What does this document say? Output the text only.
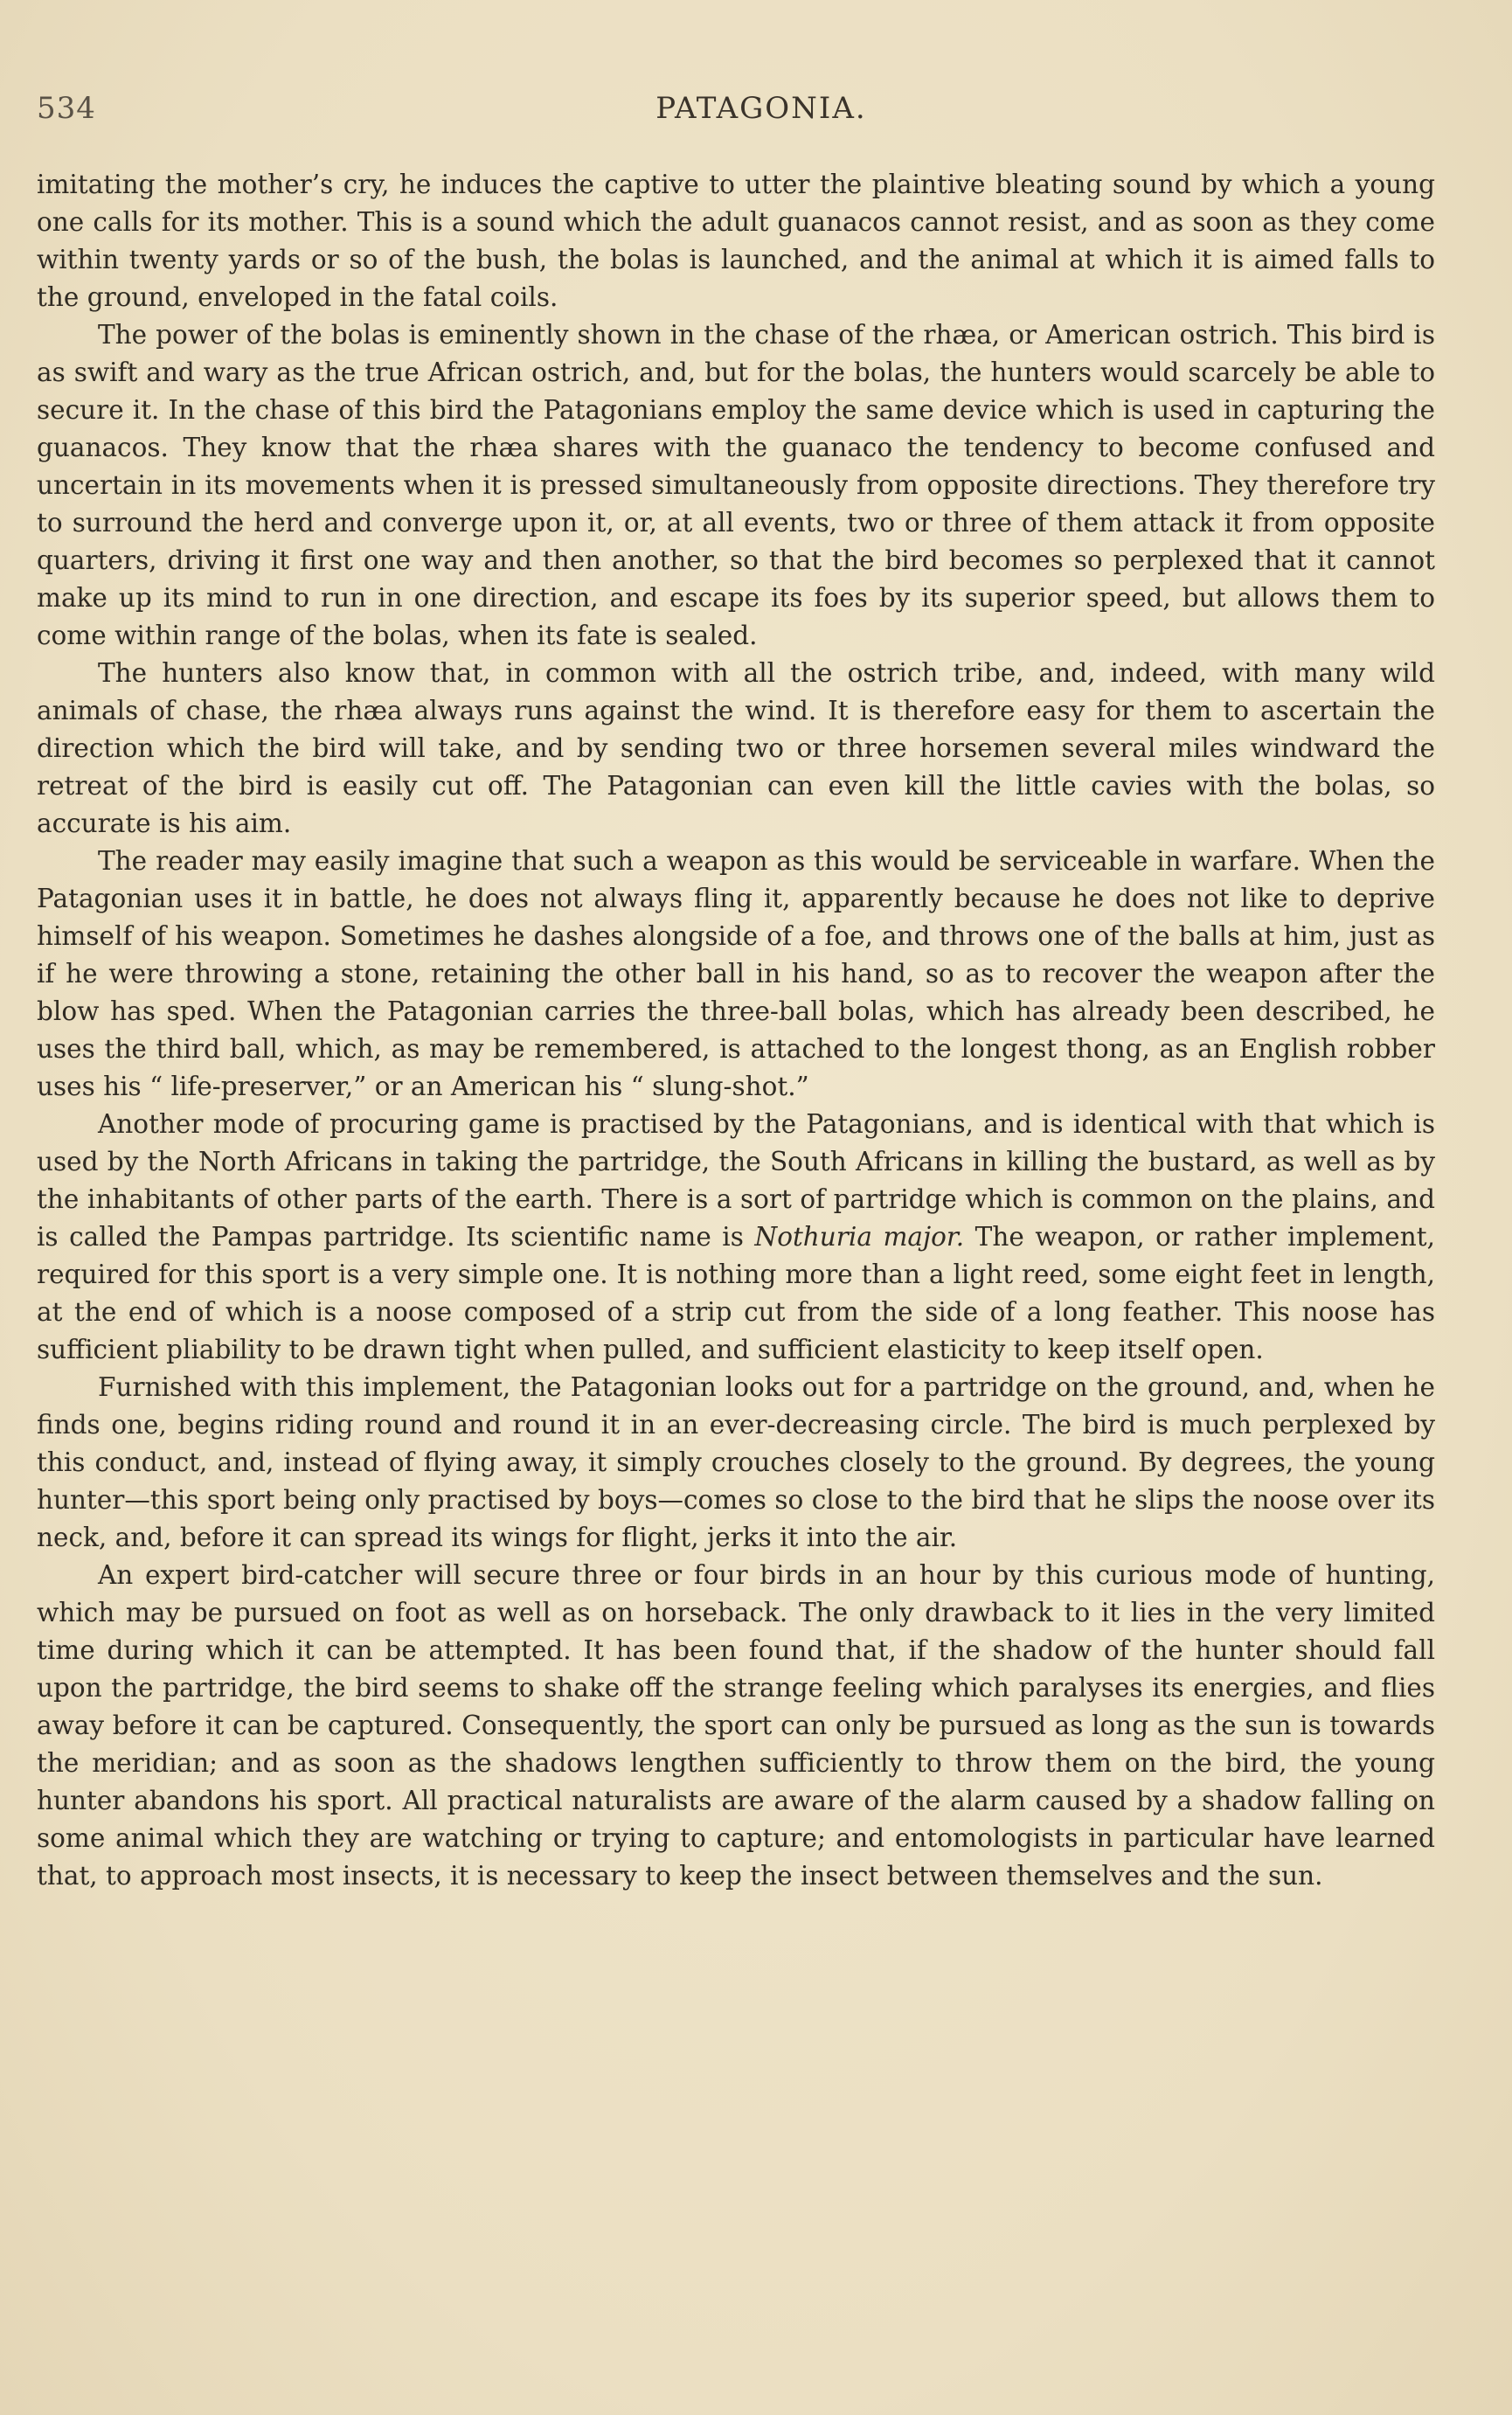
534	PATAGONIA.

imitating the mother’s cry, he induces the captive to utter the plaintive bleating sound by which a young one calls for its mother. This is a sound which the adult guanacos cannot resist, and as soon as they come within twenty yards or so of the bush, the bolas is launched, and the animal at which it is aimed falls to the ground, enveloped in the fatal coils.

The power of the bolas is eminently shown in the chase of the rhæa, or American ostrich. This bird is as swift and wary as the true African ostrich, and, but for the bolas, the hunters would scarcely be able to secure it. In the chase of this bird the Patagonians employ the same device which is used in capturing the guanacos. They know that the rhæa shares with the guanaco the tendency to become confused and uncertain in its movements when it is pressed simultaneously from opposite directions. They therefore try to surround the herd and converge upon it, or, at all events, two or three of them attack it from opposite quarters, driving it first one way and then another, so that the bird becomes so perplexed that it cannot make up its mind to run in one direction, and escape its foes by its superior speed, but allows them to come within range of the bolas, when its fate is sealed.

The hunters also know that, in common with all the ostrich tribe, and, indeed, with many wild animals of chase, the rhæa always runs against the wind. It is therefore easy for them to ascertain the direction which the bird will take, and by sending two or three horsemen several miles windward the retreat of the bird is easily cut off. The Patagonian can even kill the little cavies with the bolas, so accurate is his aim.

The reader may easily imagine that such a weapon as this would be serviceable in warfare. When the Patagonian uses it in battle, he does not always fling it, apparently because he does not like to deprive himself of his weapon. Sometimes he dashes alongside of a foe, and throws one of the balls at him, just as if he were throwing a stone, retaining the other ball in his hand, so as to recover the weapon after the blow has sped. When the Patagonian carries the three-ball bolas, which has already been described, he uses the third ball, which, as may be remembered, is attached to the longest thong, as an English robber uses his “ life-preserver,” or an American his “ slung-shot.”

Another mode of procuring game is practised by the Patagonians, and is identical with that which is used by the North Africans in taking the partridge, the South Africans in killing the bustard, as well as by the inhabitants of other parts of the earth. There is a sort of partridge which is common on the plains, and is called the Pampas partridge. Its scientific name is Nothuria major. The weapon, or rather implement, required for this sport is a very simple one. It is nothing more than a light reed, some eight feet in length, at the end of which is a noose composed of a strip cut from the side of a long feather. This noose has sufficient pliability to be drawn tight when pulled, and sufficient elasticity to keep itself open.

Furnished with this implement, the Patagonian looks out for a partridge on the ground, and, when he finds one, begins riding round and round it in an ever-decreasing circle. The bird is much perplexed by this conduct, and, instead of flying away, it simply crouches closely to the ground. By degrees, the young hunter—this sport being only practised by boys—comes so close to the bird that he slips the noose over its neck, and, before it can spread its wings for flight, jerks it into the air.

An expert bird-catcher will secure three or four birds in an hour by this curious mode of hunting, which may be pursued on foot as well as on horseback. The only drawback to it lies in the very limited time during which it can be attempted. It has been found that, if the shadow of the hunter should fall upon the partridge, the bird seems to shake off the strange feeling which paralyses its energies, and flies away before it can be captured. Consequently, the sport can only be pursued as long as the sun is towards the meridian; and as soon as the shadows lengthen sufficiently to throw them on the bird, the young hunter abandons his sport. All practical naturalists are aware of the alarm caused by a shadow falling on some animal which they are watching or trying to capture; and entomologists in particular have learned that, to approach most insects, it is necessary to keep the insect between themselves and the sun.
